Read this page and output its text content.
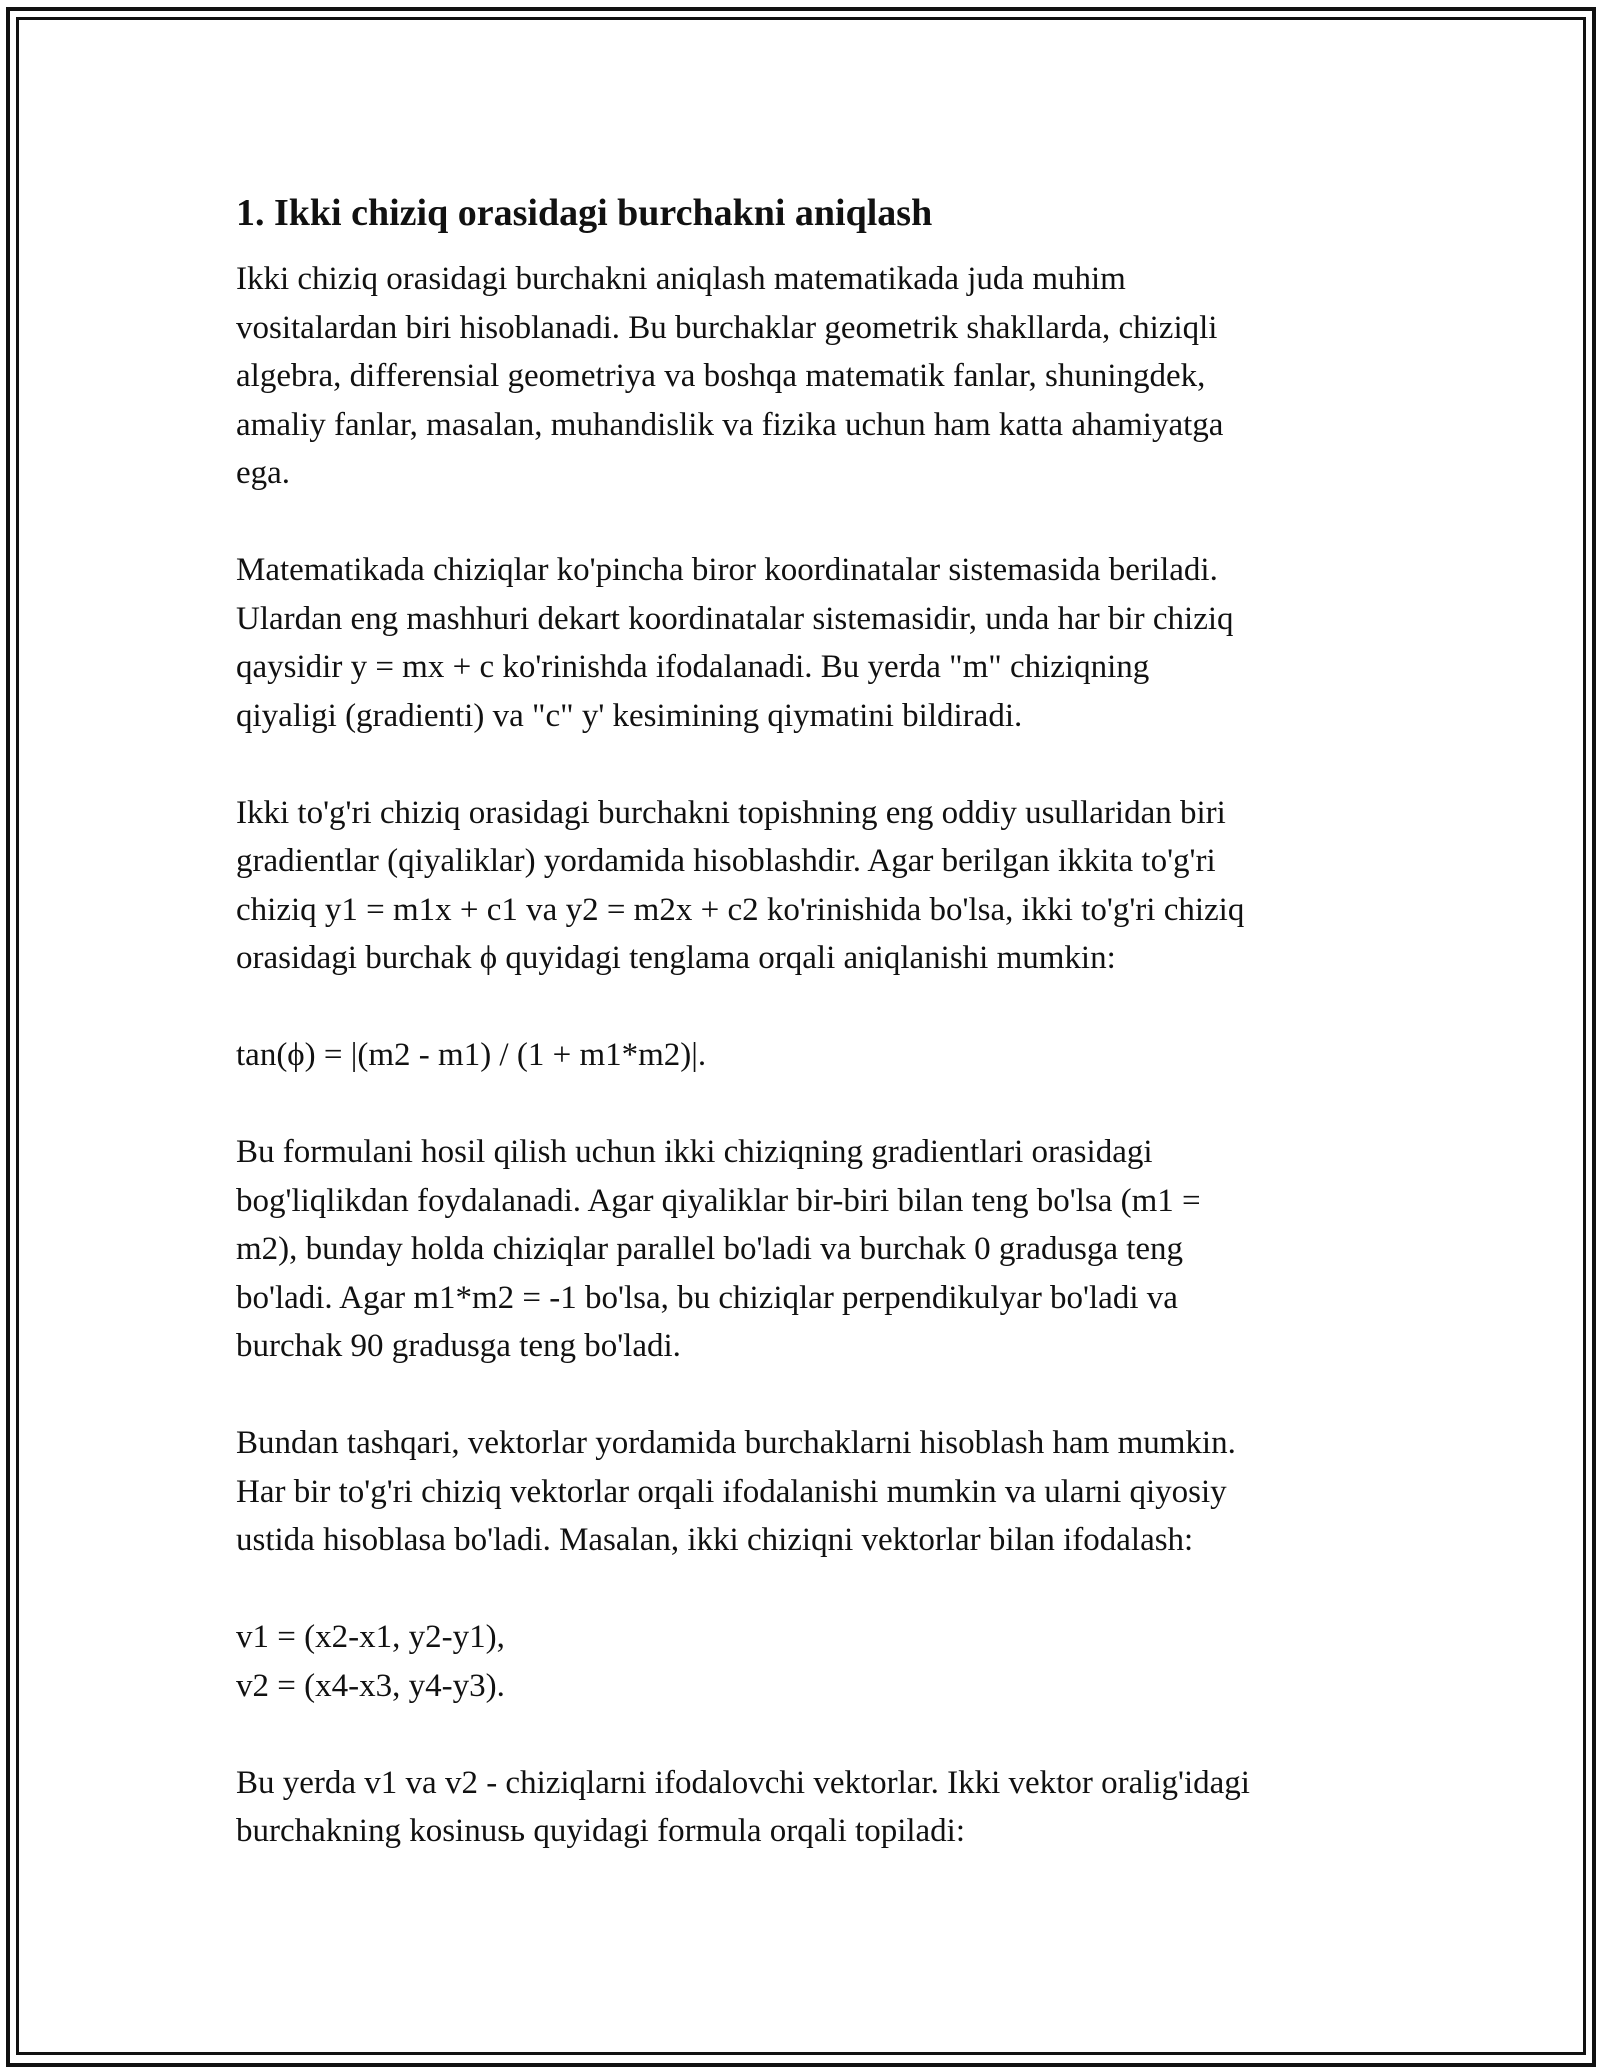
1. Ikki chiziq orasidagi burchakni aniqlash

Ikki chiziq orasidagi burchakni aniqlash matematikada juda muhim
vositalardan biri hisoblanadi. Bu burchaklar geometrik shakllarda, chiziqli
algebra, differensial geometriya va boshqa matematik fanlar, shuningdek,
amaliy fanlar, masalan, muhandislik va fizika uchun ham katta ahamiyatga
ega.

Matematikada chiziqlar ko'pincha biror koordinatalar sistemasida beriladi.
Ulardan eng mashhuri dekart koordinatalar sistemasidir, unda har bir chiziq
qaysidir y = mx + c ko'rinishda ifodalanadi. Bu yerda "m" chiziqning
qiyaligi (gradienti) va "c" y' kesimining qiymatini bildiradi.

Ikki to'g'ri chiziq orasidagi burchakni topishning eng oddiy usullaridan biri
gradientlar (qiyaliklar) yordamida hisoblashdir. Agar berilgan ikkita to'g'ri
chiziq y1 = m1x + c1 va y2 = m2x + c2 ko'rinishida bo'lsa, ikki to'g'ri chiziq
orasidagi burchak ϕ quyidagi tenglama orqali aniqlanishi mumkin:

tan(ϕ) = |(m2 - m1) / (1 + m1*m2)|.

Bu formulani hosil qilish uchun ikki chiziqning gradientlari orasidagi
bog'liqlikdan foydalanadi. Agar qiyaliklar bir-biri bilan teng bo'lsa (m1 =
m2), bunday holda chiziqlar parallel bo'ladi va burchak 0 gradusga teng
bo'ladi. Agar m1*m2 = -1 bo'lsa, bu chiziqlar perpendikulyar bo'ladi va
burchak 90 gradusga teng bo'ladi.

Bundan tashqari, vektorlar yordamida burchaklarni hisoblash ham mumkin.
Har bir to'g'ri chiziq vektorlar orqali ifodalanishi mumkin va ularni qiyosiy
ustida hisoblasa bo'ladi. Masalan, ikki chiziqni vektorlar bilan ifodalash:

v1 = (x2-x1, y2-y1),
v2 = (x4-x3, y4-y3).

Bu yerda v1 va v2 - chiziqlarni ifodalovchi vektorlar. Ikki vektor oralig'idagi
burchakning kosinusь quyidagi formula orqali topiladi:
